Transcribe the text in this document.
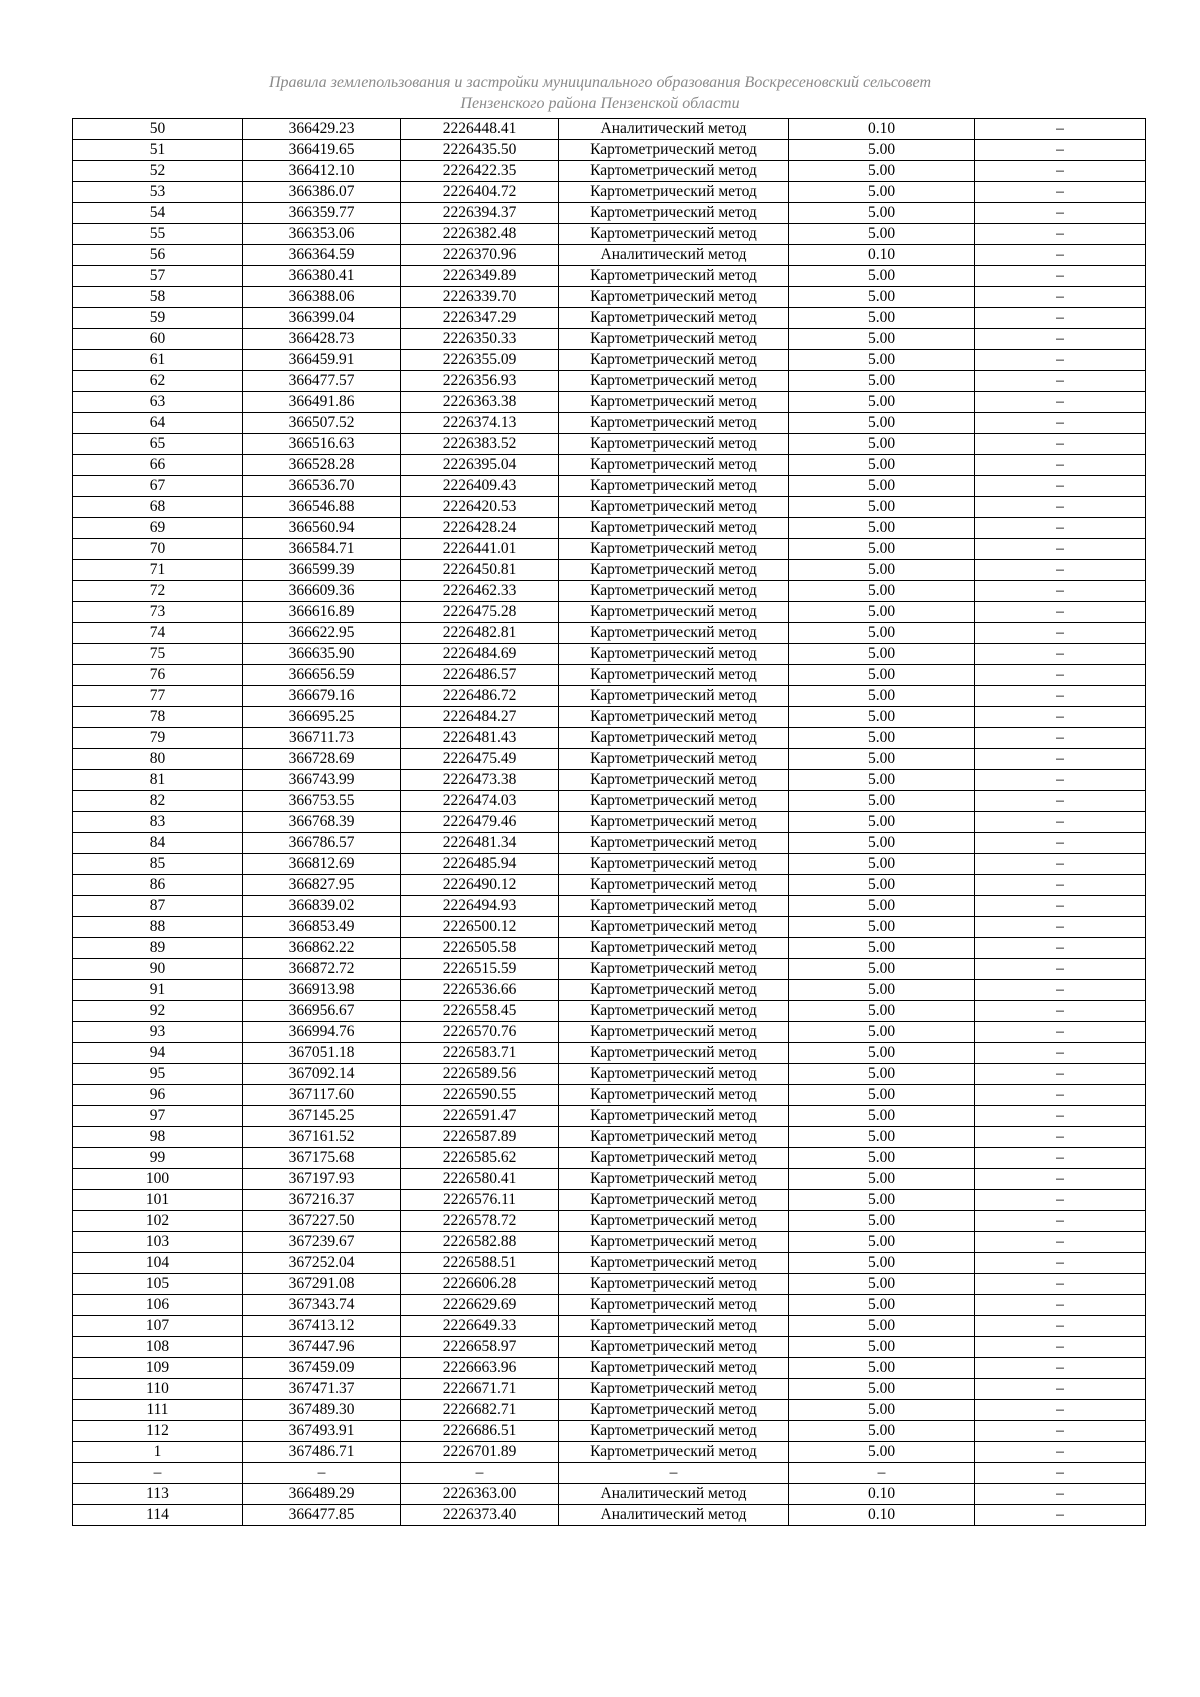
Правила землепользования и застройки муниципального образования Воскресеновский сельсовет
Пензенского района Пензенской области
50	366429.23	2226448.41	Аналитический метод	0.10	–
51	366419.65	2226435.50	Картометрический метод	5.00	–
52	366412.10	2226422.35	Картометрический метод	5.00	–
53	366386.07	2226404.72	Картометрический метод	5.00	–
54	366359.77	2226394.37	Картометрический метод	5.00	–
55	366353.06	2226382.48	Картометрический метод	5.00	–
56	366364.59	2226370.96	Аналитический метод	0.10	–
57	366380.41	2226349.89	Картометрический метод	5.00	–
58	366388.06	2226339.70	Картометрический метод	5.00	–
59	366399.04	2226347.29	Картометрический метод	5.00	–
60	366428.73	2226350.33	Картометрический метод	5.00	–
61	366459.91	2226355.09	Картометрический метод	5.00	–
62	366477.57	2226356.93	Картометрический метод	5.00	–
63	366491.86	2226363.38	Картометрический метод	5.00	–
64	366507.52	2226374.13	Картометрический метод	5.00	–
65	366516.63	2226383.52	Картометрический метод	5.00	–
66	366528.28	2226395.04	Картометрический метод	5.00	–
67	366536.70	2226409.43	Картометрический метод	5.00	–
68	366546.88	2226420.53	Картометрический метод	5.00	–
69	366560.94	2226428.24	Картометрический метод	5.00	–
70	366584.71	2226441.01	Картометрический метод	5.00	–
71	366599.39	2226450.81	Картометрический метод	5.00	–
72	366609.36	2226462.33	Картометрический метод	5.00	–
73	366616.89	2226475.28	Картометрический метод	5.00	–
74	366622.95	2226482.81	Картометрический метод	5.00	–
75	366635.90	2226484.69	Картометрический метод	5.00	–
76	366656.59	2226486.57	Картометрический метод	5.00	–
77	366679.16	2226486.72	Картометрический метод	5.00	–
78	366695.25	2226484.27	Картометрический метод	5.00	–
79	366711.73	2226481.43	Картометрический метод	5.00	–
80	366728.69	2226475.49	Картометрический метод	5.00	–
81	366743.99	2226473.38	Картометрический метод	5.00	–
82	366753.55	2226474.03	Картометрический метод	5.00	–
83	366768.39	2226479.46	Картометрический метод	5.00	–
84	366786.57	2226481.34	Картометрический метод	5.00	–
85	366812.69	2226485.94	Картометрический метод	5.00	–
86	366827.95	2226490.12	Картометрический метод	5.00	–
87	366839.02	2226494.93	Картометрический метод	5.00	–
88	366853.49	2226500.12	Картометрический метод	5.00	–
89	366862.22	2226505.58	Картометрический метод	5.00	–
90	366872.72	2226515.59	Картометрический метод	5.00	–
91	366913.98	2226536.66	Картометрический метод	5.00	–
92	366956.67	2226558.45	Картометрический метод	5.00	–
93	366994.76	2226570.76	Картометрический метод	5.00	–
94	367051.18	2226583.71	Картометрический метод	5.00	–
95	367092.14	2226589.56	Картометрический метод	5.00	–
96	367117.60	2226590.55	Картометрический метод	5.00	–
97	367145.25	2226591.47	Картометрический метод	5.00	–
98	367161.52	2226587.89	Картометрический метод	5.00	–
99	367175.68	2226585.62	Картометрический метод	5.00	–
100	367197.93	2226580.41	Картометрический метод	5.00	–
101	367216.37	2226576.11	Картометрический метод	5.00	–
102	367227.50	2226578.72	Картометрический метод	5.00	–
103	367239.67	2226582.88	Картометрический метод	5.00	–
104	367252.04	2226588.51	Картометрический метод	5.00	–
105	367291.08	2226606.28	Картометрический метод	5.00	–
106	367343.74	2226629.69	Картометрический метод	5.00	–
107	367413.12	2226649.33	Картометрический метод	5.00	–
108	367447.96	2226658.97	Картометрический метод	5.00	–
109	367459.09	2226663.96	Картометрический метод	5.00	–
110	367471.37	2226671.71	Картометрический метод	5.00	–
111	367489.30	2226682.71	Картометрический метод	5.00	–
112	367493.91	2226686.51	Картометрический метод	5.00	–
1	367486.71	2226701.89	Картометрический метод	5.00	–
–	–	–	–	–	–
113	366489.29	2226363.00	Аналитический метод	0.10	–
114	366477.85	2226373.40	Аналитический метод	0.10	–
